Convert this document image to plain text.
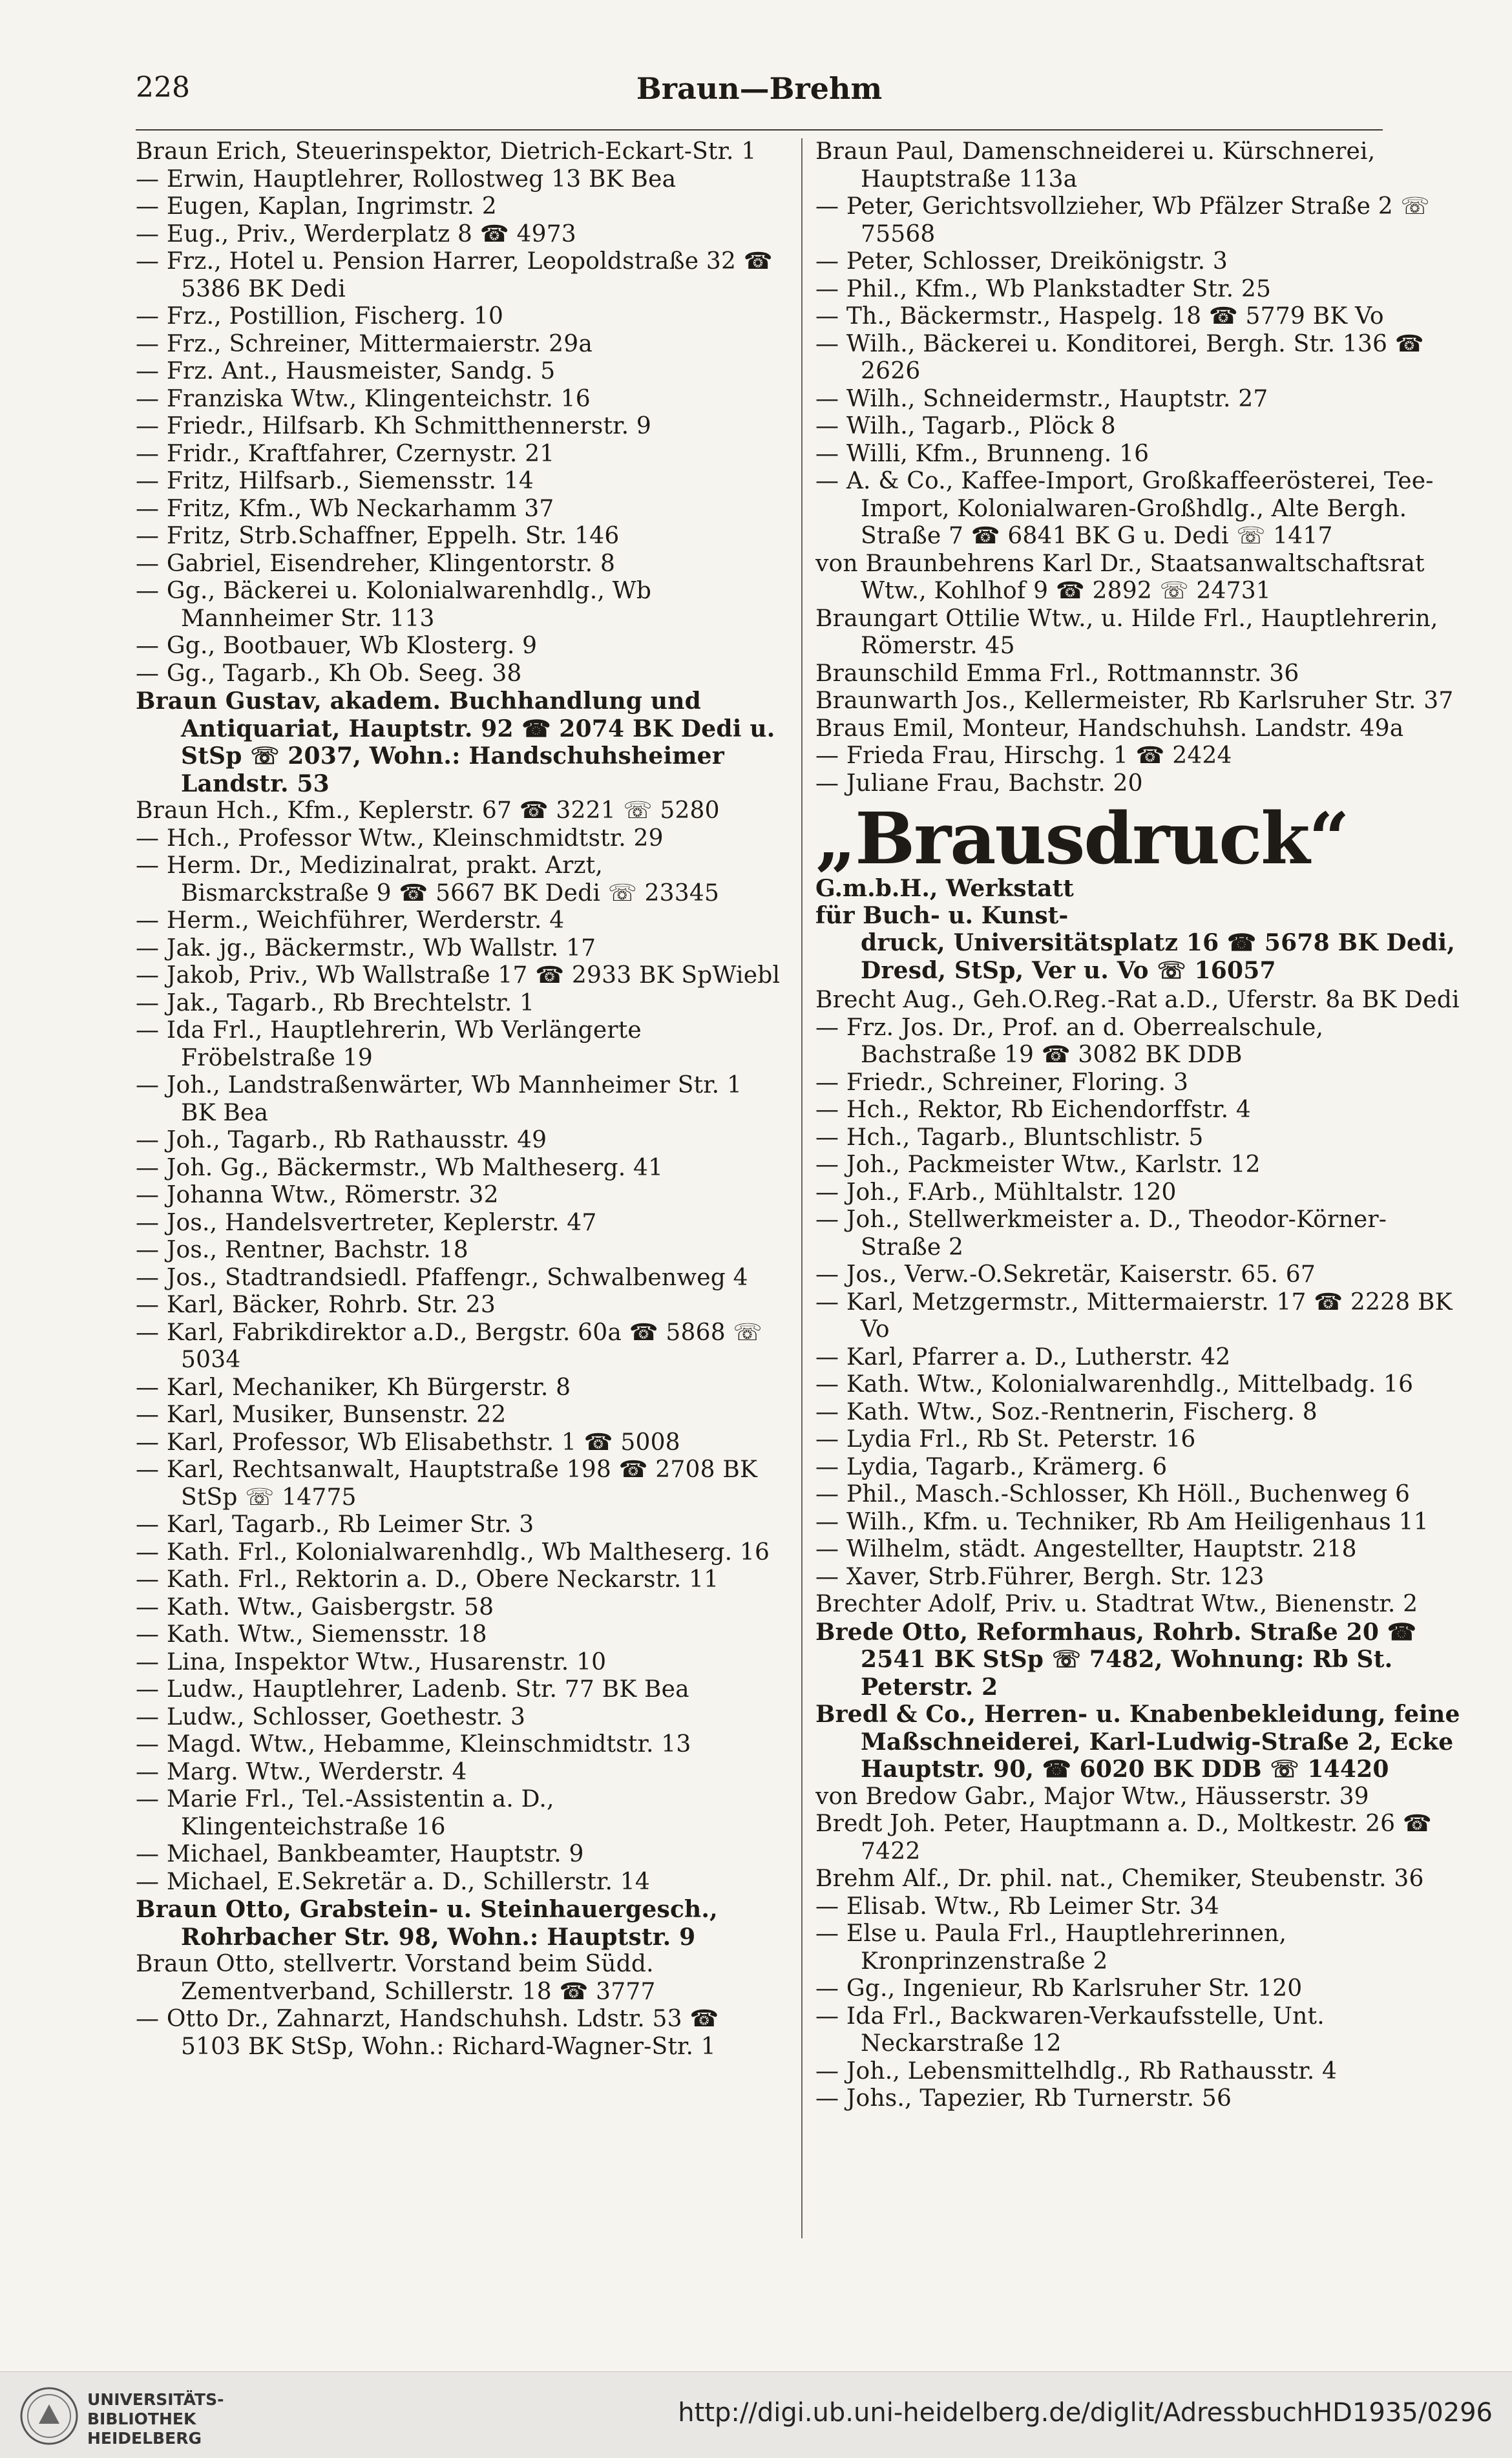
228	Braun—Brehm

Braun Erich, Steuerinspektor, Dietrich-Eckart-Str. 1

— Erwin, Hauptlehrer, Rollostweg 13 BK Bea

— Eugen, Kaplan, Ingrimstr. 2

— Eug., Priv., Werderplatz 8 ☎ 4973

— Frz., Hotel u. Pension Harrer, Leopoldstraße 32 ☎ 5386 BK Dedi

— Frz., Postillion, Fischerg. 10

— Frz., Schreiner, Mittermaierstr. 29a

— Frz. Ant., Hausmeister, Sandg. 5

— Franziska Wtw., Klingenteichstr. 16

— Friedr., Hilfsarb. Kh Schmitthennerstr. 9

— Fridr., Kraftfahrer, Czernystr. 21

— Fritz, Hilfsarb., Siemensstr. 14

— Fritz, Kfm., Wb Neckarhamm 37

— Fritz, Strb.Schaffner, Eppelh. Str. 146

— Gabriel, Eisendreher, Klingentorstr. 8

— Gg., Bäckerei u. Kolonialwarenhdlg., Wb Mannheimer Str. 113

— Gg., Bootbauer, Wb Klosterg. 9

— Gg., Tagarb., Kh Ob. Seeg. 38

Braun Gustav, akadem. Buchhandlung und Antiquariat, Hauptstr. 92 ☎ 2074 BK Dedi u. StSp ☏ 2037, Wohn.: Handschuhsheimer Landstr. 53

Braun Hch., Kfm., Keplerstr. 67 ☎ 3221 ☏ 5280

— Hch., Professor Wtw., Kleinschmidtstr. 29

— Herm. Dr., Medizinalrat, prakt. Arzt, Bismarckstraße 9 ☎ 5667 BK Dedi ☏ 23345

— Herm., Weichführer, Werderstr. 4

— Jak. jg., Bäckermstr., Wb Wallstr. 17

— Jakob, Priv., Wb Wallstraße 17 ☎ 2933 BK SpWiebl

— Jak., Tagarb., Rb Brechtelstr. 1

— Ida Frl., Hauptlehrerin, Wb Verlängerte Fröbelstraße 19

— Joh., Landstraßenwärter, Wb Mannheimer Str. 1 BK Bea

— Joh., Tagarb., Rb Rathausstr. 49

— Joh. Gg., Bäckermstr., Wb Maltheserg. 41

— Johanna Wtw., Römerstr. 32

— Jos., Handelsvertreter, Keplerstr. 47

— Jos., Rentner, Bachstr. 18

— Jos., Stadtrandsiedl. Pfaffengr., Schwalbenweg 4

— Karl, Bäcker, Rohrb. Str. 23

— Karl, Fabrikdirektor a.D., Bergstr. 60a ☎ 5868 ☏ 5034

— Karl, Mechaniker, Kh Bürgerstr. 8

— Karl, Musiker, Bunsenstr. 22

— Karl, Professor, Wb Elisabethstr. 1 ☎ 5008

— Karl, Rechtsanwalt, Hauptstraße 198 ☎ 2708 BK StSp ☏ 14775

— Karl, Tagarb., Rb Leimer Str. 3

— Kath. Frl., Kolonialwarenhdlg., Wb Maltheserg. 16

— Kath. Frl., Rektorin a. D., Obere Neckarstr. 11

— Kath. Wtw., Gaisbergstr. 58

— Kath. Wtw., Siemensstr. 18

— Lina, Inspektor Wtw., Husarenstr. 10

— Ludw., Hauptlehrer, Ladenb. Str. 77 BK Bea

— Ludw., Schlosser, Goethestr. 3

— Magd. Wtw., Hebamme, Kleinschmidtstr. 13

— Marg. Wtw., Werderstr. 4

— Marie Frl., Tel.-Assistentin a. D., Klingenteichstraße 16

— Michael, Bankbeamter, Hauptstr. 9

— Michael, E.Sekretär a. D., Schillerstr. 14

Braun Otto, Grabstein- u. Steinhauergesch., Rohrbacher Str. 98, Wohn.: Hauptstr. 9

Braun Otto, stellvertr. Vorstand beim Südd. Zementverband, Schillerstr. 18 ☎ 3777

— Otto Dr., Zahnarzt, Handschuhsh. Ldstr. 53 ☎ 5103 BK StSp, Wohn.: Richard-Wagner-Str. 1

Braun Paul, Damenschneiderei u. Kürschnerei, Hauptstraße 113a

— Peter, Gerichtsvollzieher, Wb Pfälzer Straße 2 ☏ 75568

— Peter, Schlosser, Dreikönigstr. 3

— Phil., Kfm., Wb Plankstadter Str. 25

— Th., Bäckermstr., Haspelg. 18 ☎ 5779 BK Vo

— Wilh., Bäckerei u. Konditorei, Bergh. Str. 136 ☎ 2626

— Wilh., Schneidermstr., Hauptstr. 27

— Wilh., Tagarb., Plöck 8

— Willi, Kfm., Brunneng. 16

— A. & Co., Kaffee-Import, Großkaffeerösterei, Tee-Import, Kolonialwaren-Großhdlg., Alte Bergh. Straße 7 ☎ 6841 BK G u. Dedi ☏ 1417

von Braunbehrens Karl Dr., Staatsanwaltschaftsrat Wtw., Kohlhof 9 ☎ 2892 ☏ 24731

Braungart Ottilie Wtw., u. Hilde Frl., Hauptlehrerin, Römerstr. 45

Braunschild Emma Frl., Rottmannstr. 36

Braunwarth Jos., Kellermeister, Rb Karlsruher Str. 37

Braus Emil, Monteur, Handschuhsh. Landstr. 49a

— Frieda Frau, Hirschg. 1 ☎ 2424

— Juliane Frau, Bachstr. 20

„Brausdruck“ G.m.b.H., Werkstatt
für Buch- u. Kunst-

druck, Universitätsplatz 16 ☎ 5678 BK Dedi, Dresd, StSp, Ver u. Vo ☏ 16057

Brecht Aug., Geh.O.Reg.-Rat a.D., Uferstr. 8a BK Dedi

— Frz. Jos. Dr., Prof. an d. Oberrealschule, Bachstraße 19 ☎ 3082 BK DDB

— Friedr., Schreiner, Floring. 3

— Hch., Rektor, Rb Eichendorffstr. 4

— Hch., Tagarb., Bluntschlistr. 5

— Joh., Packmeister Wtw., Karlstr. 12

— Joh., F.Arb., Mühltalstr. 120

— Joh., Stellwerkmeister a. D., Theodor-Körner-Straße 2

— Jos., Verw.-O.Sekretär, Kaiserstr. 65. 67

— Karl, Metzgermstr., Mittermaierstr. 17 ☎ 2228 BK Vo

— Karl, Pfarrer a. D., Lutherstr. 42

— Kath. Wtw., Kolonialwarenhdlg., Mittelbadg. 16

— Kath. Wtw., Soz.-Rentnerin, Fischerg. 8

— Lydia Frl., Rb St. Peterstr. 16

— Lydia, Tagarb., Krämerg. 6

— Phil., Masch.-Schlosser, Kh Höll., Buchenweg 6

— Wilh., Kfm. u. Techniker, Rb Am Heiligenhaus 11

— Wilhelm, städt. Angestellter, Hauptstr. 218

— Xaver, Strb.Führer, Bergh. Str. 123

Brechter Adolf, Priv. u. Stadtrat Wtw., Bienenstr. 2

Brede Otto, Reformhaus, Rohrb. Straße 20 ☎ 2541 BK StSp ☏ 7482, Wohnung: Rb St. Peterstr. 2

Bredl & Co., Herren- u. Knabenbekleidung, feine Maßschneiderei, Karl-Ludwig-Straße 2, Ecke Hauptstr. 90, ☎ 6020 BK DDB ☏ 14420

von Bredow Gabr., Major Wtw., Häusserstr. 39

Bredt Joh. Peter, Hauptmann a. D., Moltkestr. 26 ☎ 7422

Brehm Alf., Dr. phil. nat., Chemiker, Steubenstr. 36

— Elisab. Wtw., Rb Leimer Str. 34

— Else u. Paula Frl., Hauptlehrerinnen, Kronprinzenstraße 2

— Gg., Ingenieur, Rb Karlsruher Str. 120

— Ida Frl., Backwaren-Verkaufsstelle, Unt. Neckarstraße 12

— Joh., Lebensmittelhdlg., Rb Rathausstr. 4

— Johs., Tapezier, Rb Turnerstr. 56

UNIVERSITÄTS-
BIBLIOTHEK
HEIDELBERG
http://digi.ub.uni-heidelberg.de/diglit/AdressbuchHD1935/0296
